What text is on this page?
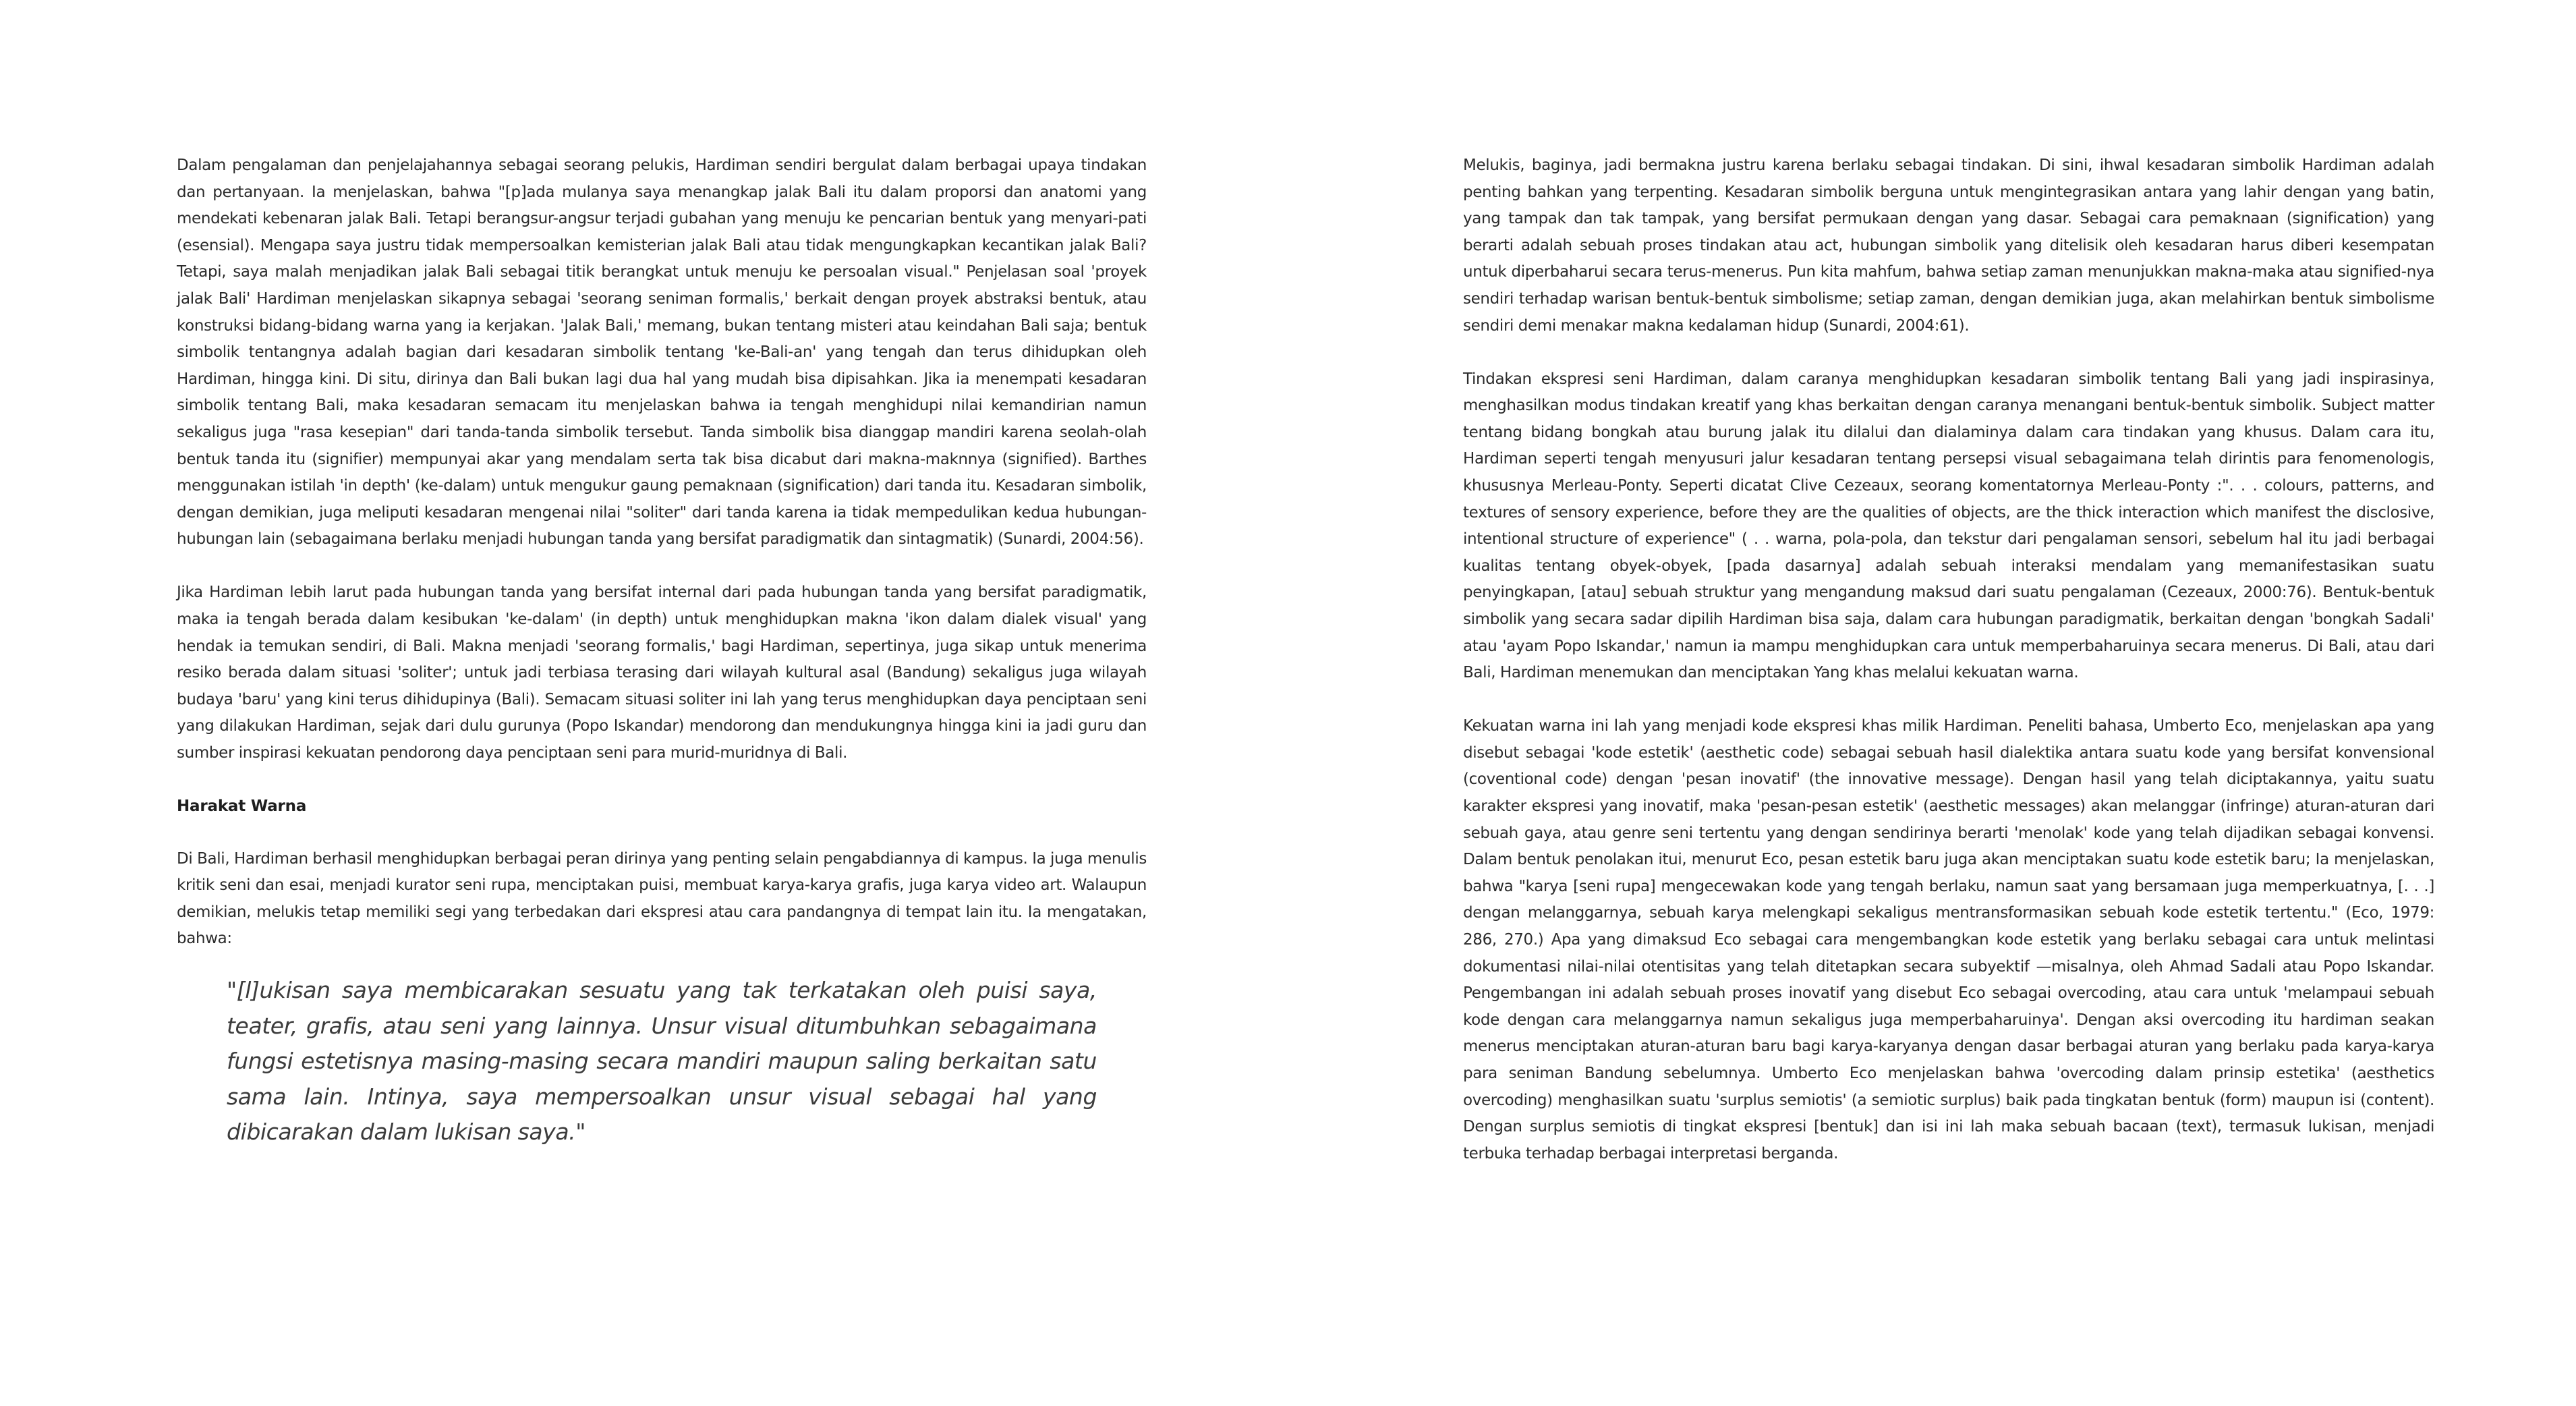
Dalam pengalaman dan penjelajahannya sebagai seorang pelukis, Hardiman sendiri bergulat dalam berbagai upaya tindakan dan pertanyaan. Ia menjelaskan, bahwa "[p]ada mulanya saya menangkap jalak Bali itu dalam proporsi dan anatomi yang mendekati kebenaran jalak Bali. Tetapi berangsur-angsur terjadi gubahan yang menuju ke pencarian bentuk yang menyari-pati (esensial). Mengapa saya justru tidak mempersoalkan kemisterian jalak Bali atau tidak mengungkapkan kecantikan jalak Bali? Tetapi, saya malah menjadikan jalak Bali sebagai titik berangkat untuk menuju ke persoalan visual." Penjelasan soal 'proyek jalak Bali' Hardiman menjelaskan sikapnya sebagai 'seorang seniman formalis,' berkait dengan proyek abstraksi bentuk, atau konstruksi bidang-bidang warna yang ia kerjakan. 'Jalak Bali,' memang, bukan tentang misteri atau keindahan Bali saja; bentuk simbolik tentangnya adalah bagian dari kesadaran simbolik tentang 'ke-Bali-an' yang tengah dan terus dihidupkan oleh Hardiman, hingga kini. Di situ, dirinya dan Bali bukan lagi dua hal yang mudah bisa dipisahkan. Jika ia menempati kesadaran simbolik tentang Bali, maka kesadaran semacam itu menjelaskan bahwa ia tengah menghidupi nilai kemandirian namun sekaligus juga "rasa kesepian" dari tanda-tanda simbolik tersebut. Tanda simbolik bisa dianggap mandiri karena seolah-olah bentuk tanda itu (signifier) mempunyai akar yang mendalam serta tak bisa dicabut dari makna-maknnya (signified). Barthes menggunakan istilah 'in depth' (ke-dalam) untuk mengukur gaung pemaknaan (signification) dari tanda itu. Kesadaran simbolik, dengan demikian, juga meliputi kesadaran mengenai nilai "soliter" dari tanda karena ia tidak mempedulikan kedua hubungan-hubungan lain (sebagaimana berlaku menjadi hubungan tanda yang bersifat paradigmatik dan sintagmatik) (Sunardi, 2004:56).

Jika Hardiman lebih larut pada hubungan tanda yang bersifat internal dari pada hubungan tanda yang bersifat paradigmatik, maka ia tengah berada dalam kesibukan 'ke-dalam' (in depth) untuk menghidupkan makna 'ikon dalam dialek visual' yang hendak ia temukan sendiri, di Bali. Makna menjadi 'seorang formalis,' bagi Hardiman, sepertinya, juga sikap untuk menerima resiko berada dalam situasi 'soliter'; untuk jadi terbiasa terasing dari wilayah kultural asal (Bandung) sekaligus juga wilayah budaya 'baru' yang kini terus dihidupinya (Bali). Semacam situasi soliter ini lah yang terus menghidupkan daya penciptaan seni yang dilakukan Hardiman, sejak dari dulu gurunya (Popo Iskandar) mendorong dan mendukungnya hingga kini ia jadi guru dan sumber inspirasi kekuatan pendorong daya penciptaan seni para murid-muridnya di Bali.

Harakat Warna

Di Bali, Hardiman berhasil menghidupkan berbagai peran dirinya yang penting selain pengabdiannya di kampus. Ia juga menulis kritik seni dan esai, menjadi kurator seni rupa, menciptakan puisi, membuat karya-karya grafis, juga karya video art. Walaupun demikian, melukis tetap memiliki segi yang terbedakan dari ekspresi atau cara pandangnya di tempat lain itu. Ia mengatakan, bahwa:

"[l]ukisan saya membicarakan sesuatu yang tak terkatakan oleh puisi saya, teater, grafis, atau seni yang lainnya. Unsur visual ditumbuhkan sebagaimana fungsi estetisnya masing-masing secara mandiri maupun saling berkaitan satu sama lain. Intinya, saya mempersoalkan unsur visual sebagai hal yang dibicarakan dalam lukisan saya."

Melukis, baginya, jadi bermakna justru karena berlaku sebagai tindakan. Di sini, ihwal kesadaran simbolik Hardiman adalah penting bahkan yang terpenting. Kesadaran simbolik berguna untuk mengintegrasikan antara yang lahir dengan yang batin, yang tampak dan tak tampak, yang bersifat permukaan dengan yang dasar. Sebagai cara pemaknaan (signification) yang berarti adalah sebuah proses tindakan atau act, hubungan simbolik yang ditelisik oleh kesadaran harus diberi kesempatan untuk diperbaharui secara terus-menerus. Pun kita mahfum, bahwa setiap zaman menunjukkan makna-maka atau signified-nya sendiri terhadap warisan bentuk-bentuk simbolisme; setiap zaman, dengan demikian juga, akan melahirkan bentuk simbolisme sendiri demi menakar makna kedalaman hidup (Sunardi, 2004:61).

Tindakan ekspresi seni Hardiman, dalam caranya menghidupkan kesadaran simbolik tentang Bali yang jadi inspirasinya, menghasilkan modus tindakan kreatif yang khas berkaitan dengan caranya menangani bentuk-bentuk simbolik. Subject matter tentang bidang bongkah atau burung jalak itu dilalui dan dialaminya dalam cara tindakan yang khusus. Dalam cara itu, Hardiman seperti tengah menyusuri jalur kesadaran tentang persepsi visual sebagaimana telah dirintis para fenomenologis, khususnya Merleau-Ponty. Seperti dicatat Clive Cezeaux, seorang komentatornya Merleau-Ponty :". . . colours, patterns, and textures of sensory experience, before they are the qualities of objects, are the thick interaction which manifest the disclosive, intentional structure of experience" ( . . warna, pola-pola, dan tekstur dari pengalaman sensori, sebelum hal itu jadi berbagai kualitas tentang obyek-obyek, [pada dasarnya] adalah sebuah interaksi mendalam yang memanifestasikan suatu penyingkapan, [atau] sebuah struktur yang mengandung maksud dari suatu pengalaman (Cezeaux, 2000:76). Bentuk-bentuk simbolik yang secara sadar dipilih Hardiman bisa saja, dalam cara hubungan paradigmatik, berkaitan dengan 'bongkah Sadali' atau 'ayam Popo Iskandar,' namun ia mampu menghidupkan cara untuk memperbaharuinya secara menerus. Di Bali, atau dari Bali, Hardiman menemukan dan menciptakan Yang khas melalui kekuatan warna.

Kekuatan warna ini lah yang menjadi kode ekspresi khas milik Hardiman. Peneliti bahasa, Umberto Eco, menjelaskan apa yang disebut sebagai 'kode estetik' (aesthetic code) sebagai sebuah hasil dialektika antara suatu kode yang bersifat konvensional (coventional code) dengan 'pesan inovatif' (the innovative message). Dengan hasil yang telah diciptakannya, yaitu suatu karakter ekspresi yang inovatif, maka 'pesan-pesan estetik' (aesthetic messages) akan melanggar (infringe) aturan-aturan dari sebuah gaya, atau genre seni tertentu yang dengan sendirinya berarti 'menolak' kode yang telah dijadikan sebagai konvensi. Dalam bentuk penolakan itui, menurut Eco, pesan estetik baru juga akan menciptakan suatu kode estetik baru; Ia menjelaskan, bahwa "karya [seni rupa] mengecewakan kode yang tengah berlaku, namun saat yang bersamaan juga memperkuatnya, [. . .] dengan melanggarnya, sebuah karya melengkapi sekaligus mentransformasikan sebuah kode estetik tertentu." (Eco, 1979: 286, 270.) Apa yang dimaksud Eco sebagai cara mengembangkan kode estetik yang berlaku sebagai cara untuk melintasi dokumentasi nilai-nilai otentisitas yang telah ditetapkan secara subyektif —misalnya, oleh Ahmad Sadali atau Popo Iskandar. Pengembangan ini adalah sebuah proses inovatif yang disebut Eco sebagai overcoding, atau cara untuk 'melampaui sebuah kode dengan cara melanggarnya namun sekaligus juga memperbaharuinya'. Dengan aksi overcoding itu hardiman seakan menerus menciptakan aturan-aturan baru bagi karya-karyanya dengan dasar berbagai aturan yang berlaku pada karya-karya para seniman Bandung sebelumnya. Umberto Eco menjelaskan bahwa 'overcoding dalam prinsip estetika' (aesthetics overcoding) menghasilkan suatu 'surplus semiotis' (a semiotic surplus) baik pada tingkatan bentuk (form) maupun isi (content). Dengan surplus semiotis di tingkat ekspresi [bentuk] dan isi ini lah maka sebuah bacaan (text), termasuk lukisan, menjadi terbuka terhadap berbagai interpretasi berganda.
